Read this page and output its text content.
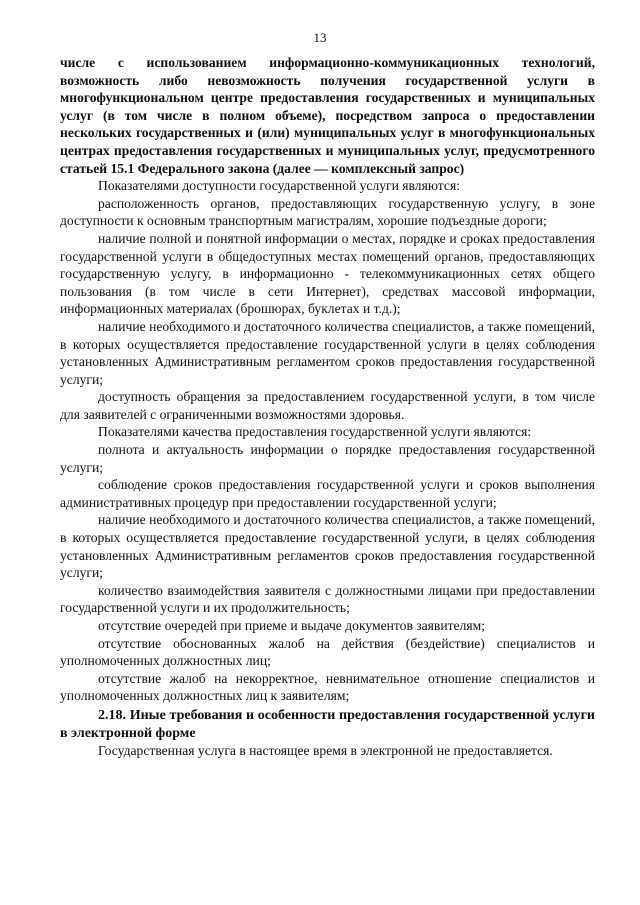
13

числе с использованием информационно-коммуникационных технологий, возможность либо невозможность получения государственной услуги в многофункциональном центре предоставления государственных и муниципальных услуг (в том числе в полном объеме), посредством запроса о предоставлении нескольких государственных и (или) муниципальных услуг в многофункциональных центрах предоставления государственных и муниципальных услуг, предусмотренного статьей 15.1 Федерального закона (далее — комплексный запрос)

Показателями доступности государственной услуги являются:

расположенность органов, предоставляющих государственную услугу, в зоне доступности к основным транспортным магистралям, хорошие подъездные дороги;

наличие полной и понятной информации о местах, порядке и сроках предоставления государственной услуги в общедоступных местах помещений органов, предоставляющих государственную услугу, в информационно - телекоммуникационных сетях общего пользования (в том числе в сети Интернет), средствах массовой информации, информационных материалах (брошюрах, буклетах и т.д.);

наличие необходимого и достаточного количества специалистов, а также помещений, в которых осуществляется предоставление государственной услуги в целях соблюдения установленных Административным регламентом сроков предоставления государственной услуги;

доступность обращения за предоставлением государственной услуги, в том числе для заявителей с ограниченными возможностями здоровья.

Показателями качества предоставления государственной услуги являются:

полнота и актуальность информации о порядке предоставления государственной услуги;

соблюдение сроков предоставления государственной услуги и сроков выполнения административных процедур при предоставлении государственной услуги;

наличие необходимого и достаточного количества специалистов, а также помещений, в которых осуществляется предоставление государственной услуги, в целях соблюдения установленных Административным регламентов сроков предоставления государственной услуги;

количество взаимодействия заявителя с должностными лицами при предоставлении государственной услуги и их продолжительность;

отсутствие очередей при приеме и выдаче документов заявителям;

отсутствие обоснованных жалоб на действия (бездействие) специалистов и уполномоченных должностных лиц;

отсутствие жалоб на некорректное, невнимательное отношение специалистов и уполномоченных должностных лиц к заявителям;

2.18. Иные требования и особенности предоставления государственной услуги в электронной форме

Государственная услуга в настоящее время в электронной не предоставляется.
